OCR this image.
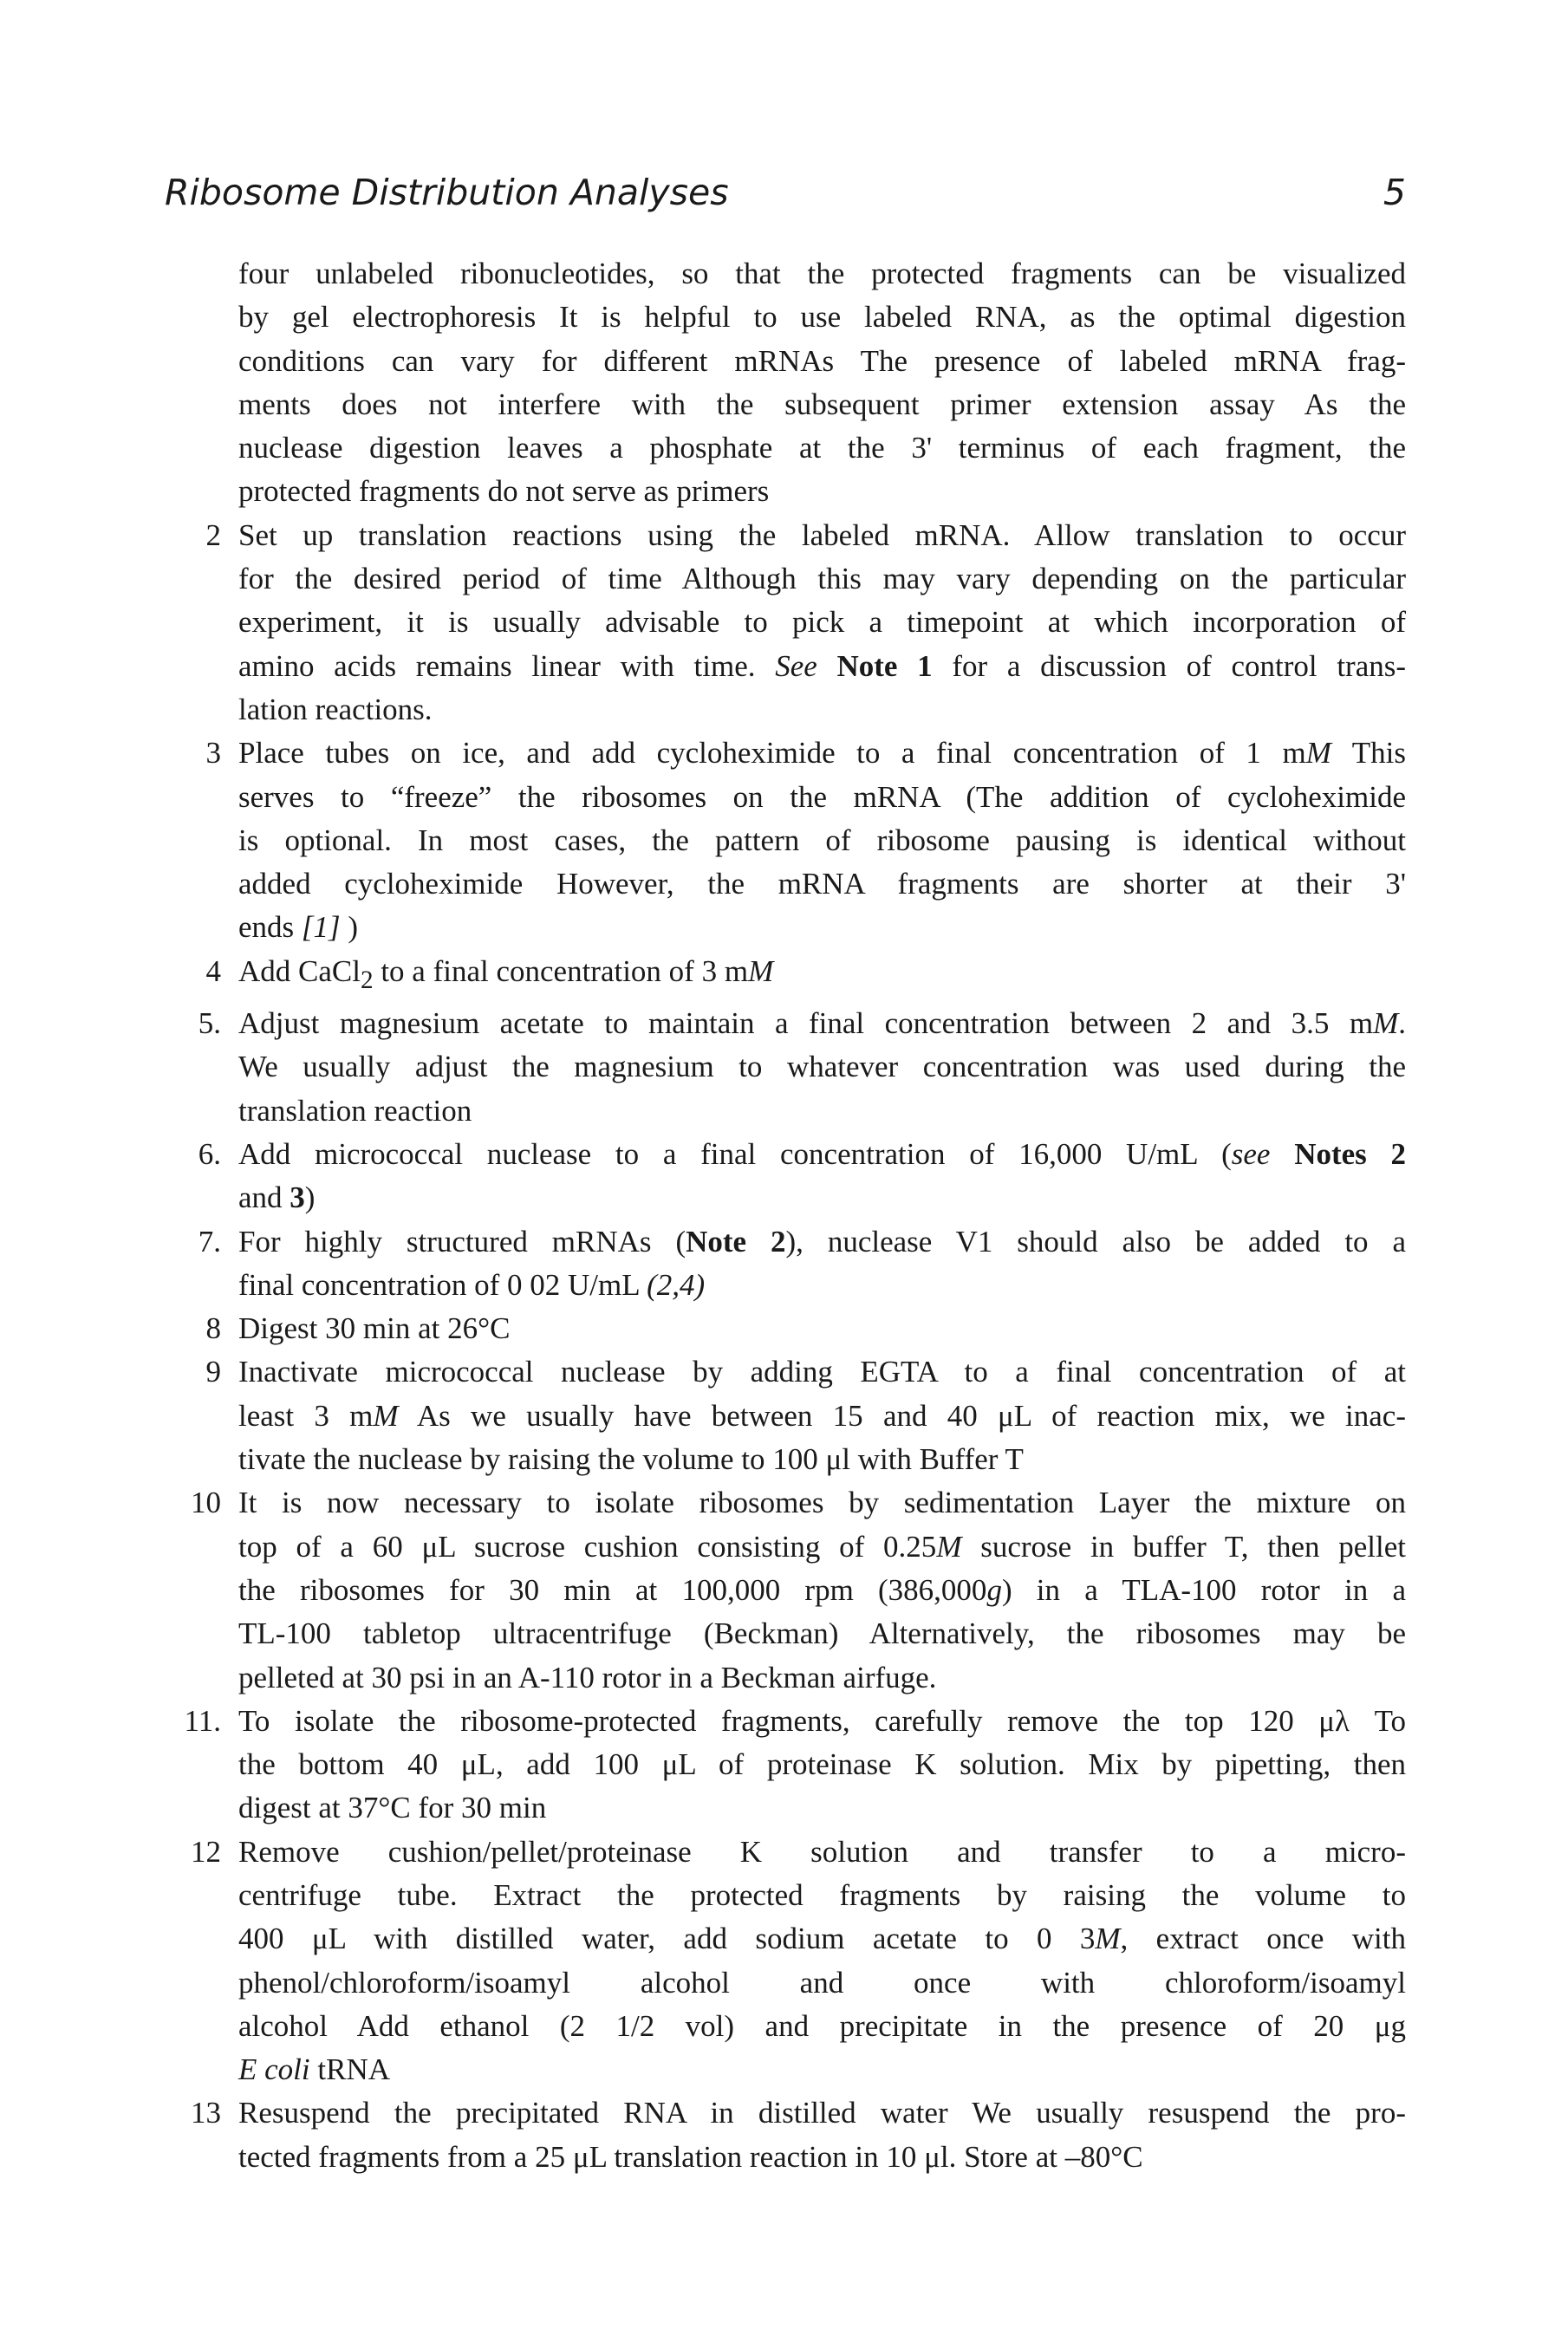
Ribosome Distribution Analyses	5
four unlabeled ribonucleotides, so that the protected fragments can be visualized
by gel electrophoresis It is helpful to use labeled RNA, as the optimal digestion
conditions can vary for different mRNAs The presence of labeled mRNA frag-
ments does not interfere with the subsequent primer extension assay As the
nuclease digestion leaves a phosphate at the 3' terminus of each fragment, the
protected fragments do not serve as primers
2 Set up translation reactions using the labeled mRNA. Allow translation to occur
for the desired period of time Although this may vary depending on the particular
experiment, it is usually advisable to pick a timepoint at which incorporation of
amino acids remains linear with time. See Note 1 for a discussion of control trans-
lation reactions.
3 Place tubes on ice, and add cycloheximide to a final concentration of 1 mM This
serves to “freeze” the ribosomes on the mRNA (The addition of cycloheximide
is optional. In most cases, the pattern of ribosome pausing is identical without
added cycloheximide However, the mRNA fragments are shorter at their 3'
ends [1] )
4 Add CaCl$_2$ to a final concentration of 3 mM
5. Adjust magnesium acetate to maintain a final concentration between 2 and 3.5 mM.
We usually adjust the magnesium to whatever concentration was used during the
translation reaction
6. Add micrococcal nuclease to a final concentration of 16,000 U/mL (see Notes 2
and 3)
7. For highly structured mRNAs (Note 2), nuclease V1 should also be added to a
final concentration of 0 02 U/mL (2,4)
8 Digest 30 min at 26°C
9 Inactivate micrococcal nuclease by adding EGTA to a final concentration of at
least 3 mM As we usually have between 15 and 40 μL of reaction mix, we inac-
tivate the nuclease by raising the volume to 100 μl with Buffer T
10 It is now necessary to isolate ribosomes by sedimentation Layer the mixture on
top of a 60 μL sucrose cushion consisting of 0.25M sucrose in buffer T, then pellet
the ribosomes for 30 min at 100,000 rpm (386,000g) in a TLA-100 rotor in a
TL-100 tabletop ultracentrifuge (Beckman) Alternatively, the ribosomes may be
pelleted at 30 psi in an A-110 rotor in a Beckman airfuge.
11. To isolate the ribosome-protected fragments, carefully remove the top 120 μλ To
the bottom 40 μL, add 100 μL of proteinase K solution. Mix by pipetting, then
digest at 37°C for 30 min
12 Remove cushion/pellet/proteinase K solution and transfer to a micro-
centrifuge tube. Extract the protected fragments by raising the volume to
400 μL with distilled water, add sodium acetate to 0 3M, extract once with
phenol/chloroform/isoamyl alcohol and once with chloroform/isoamyl
alcohol Add ethanol (2 1/2 vol) and precipitate in the presence of 20 μg
E coli tRNA
13 Resuspend the precipitated RNA in distilled water We usually resuspend the pro-
tected fragments from a 25 μL translation reaction in 10 μl. Store at –80°C
